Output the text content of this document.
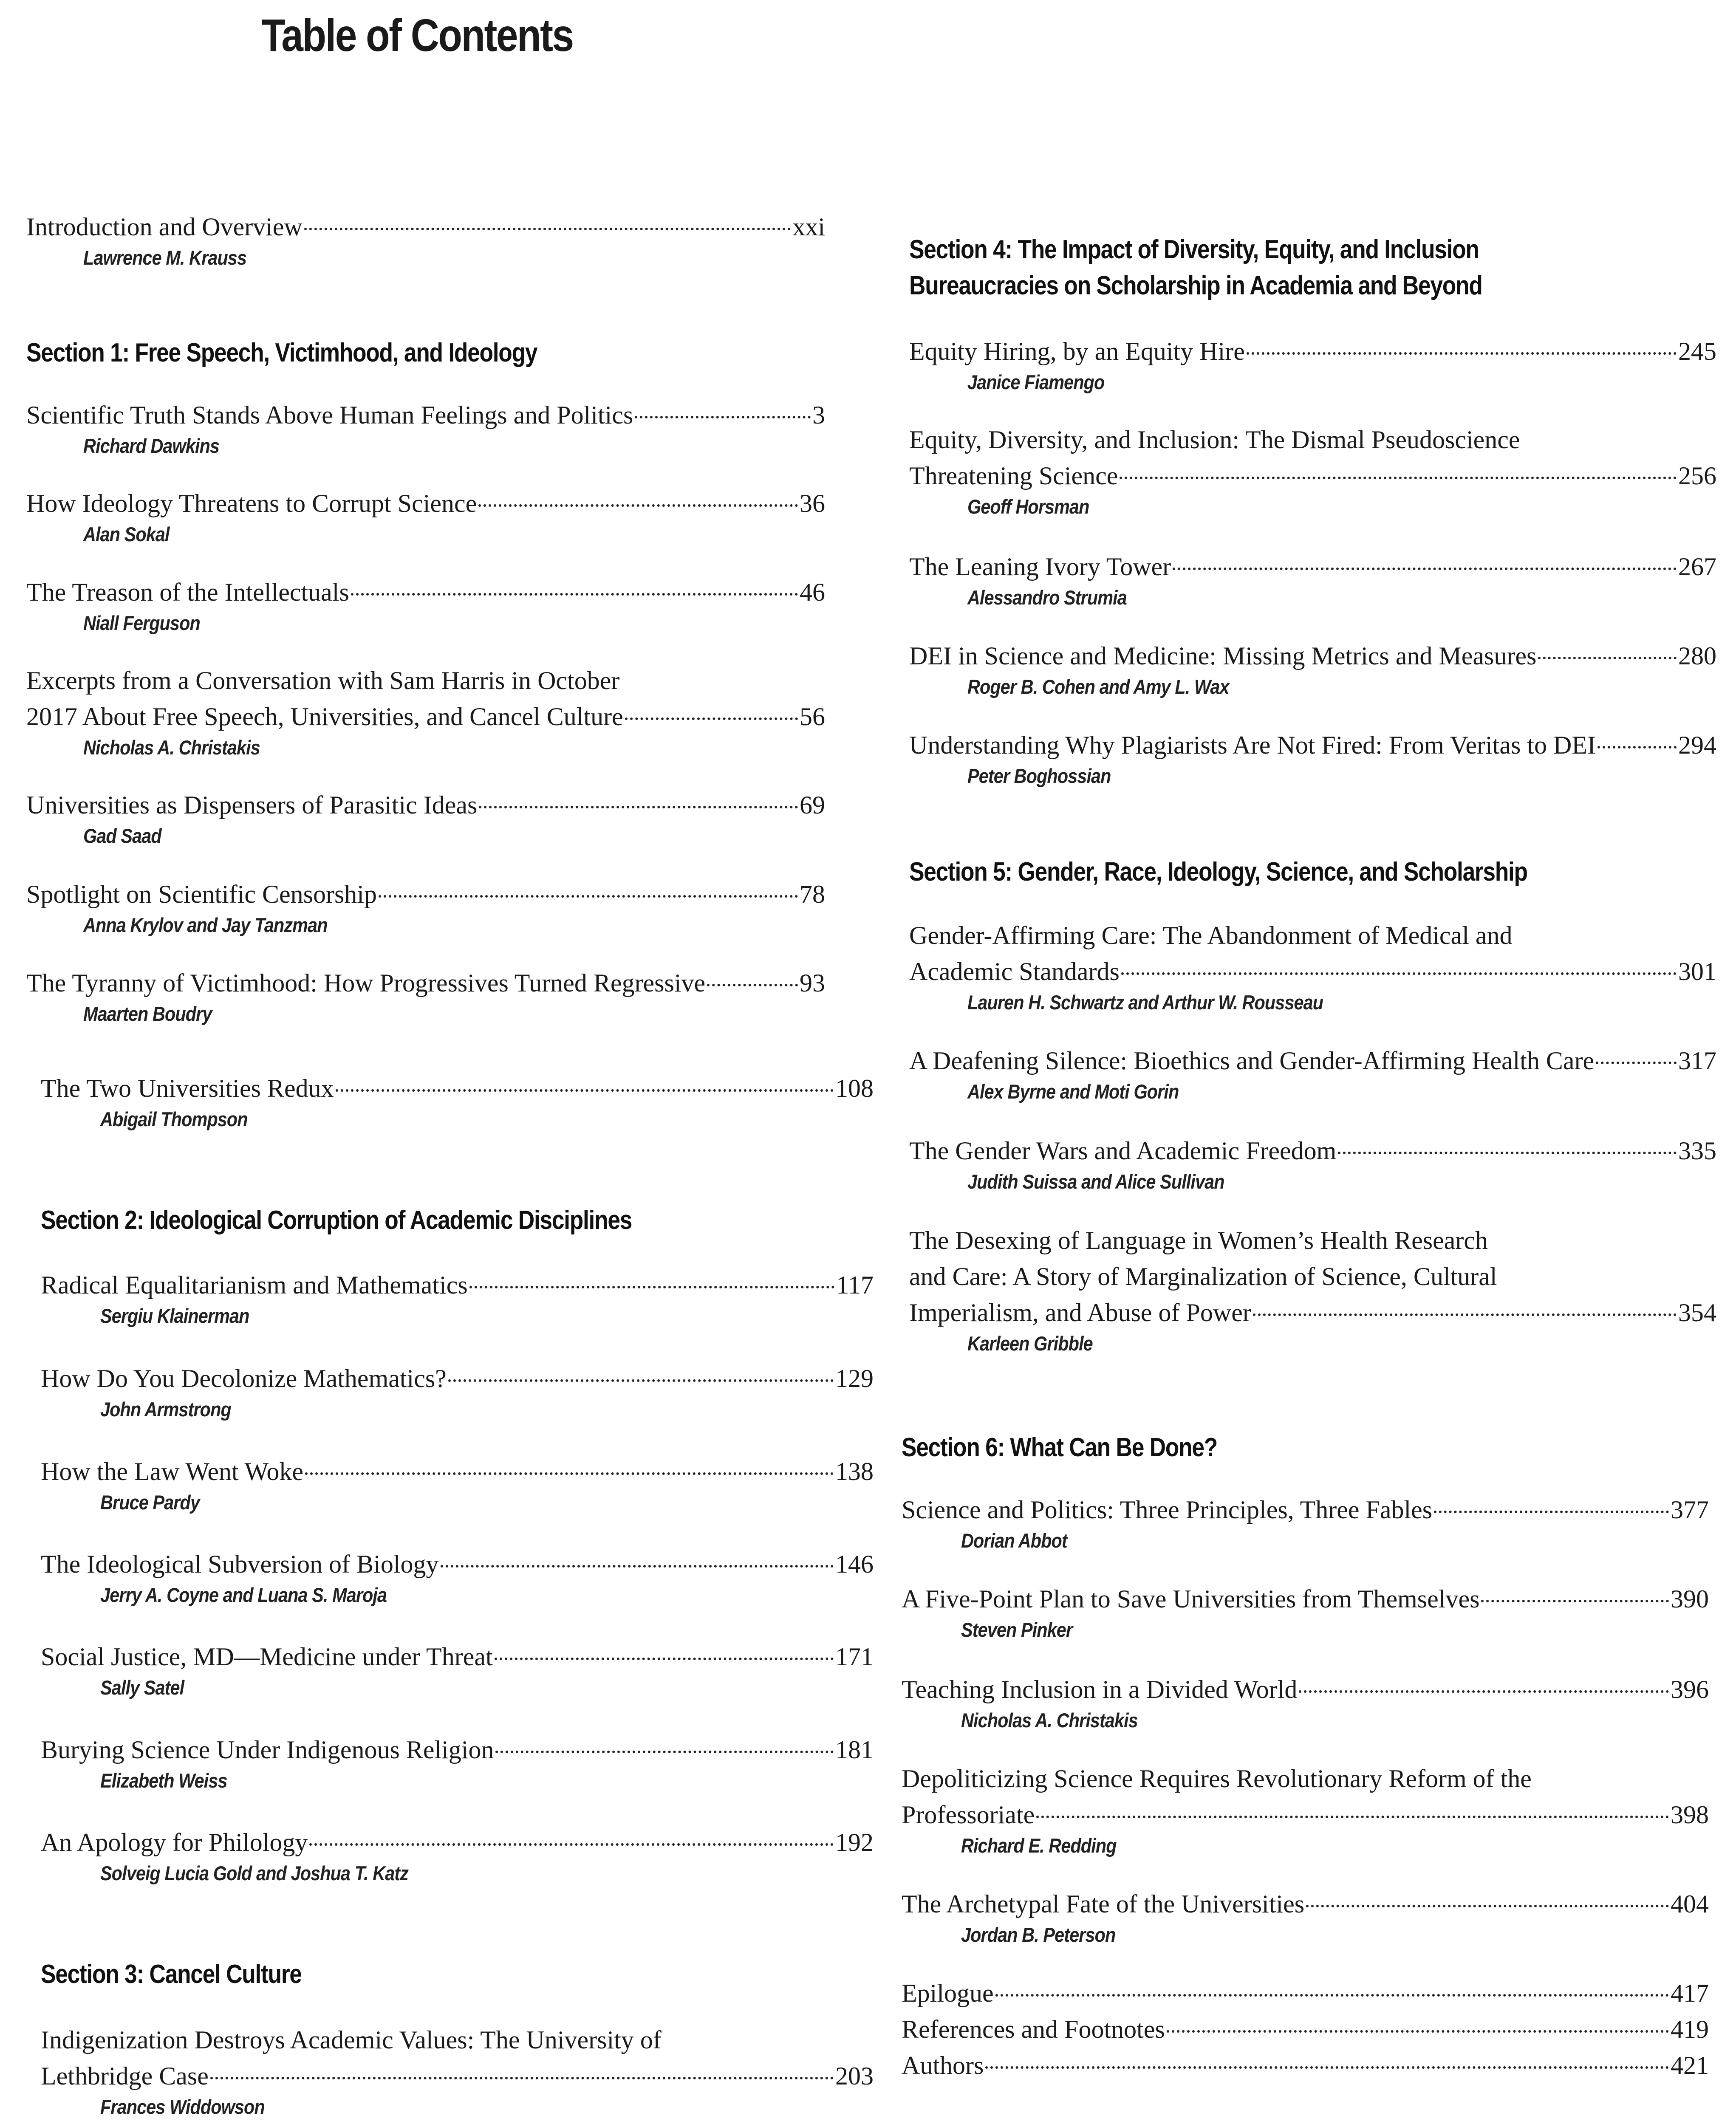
Table of Contents
Introduction and Overview	xxi
Lawrence M. Krauss
Section 1: Free Speech, Victimhood, and Ideology
Scientific Truth Stands Above Human Feelings and Politics	3
Richard Dawkins
How Ideology Threatens to Corrupt Science	36
Alan Sokal
The Treason of the Intellectuals	46
Niall Ferguson
Excerpts from a Conversation with Sam Harris in October
2017 About Free Speech, Universities, and Cancel Culture	56
Nicholas A. Christakis
Universities as Dispensers of Parasitic Ideas	69
Gad Saad
Spotlight on Scientific Censorship	78
Anna Krylov and Jay Tanzman
The Tyranny of Victimhood: How Progressives Turned Regressive	93
Maarten Boudry
The Two Universities Redux	108
Abigail Thompson
Section 2: Ideological Corruption of Academic Disciplines
Radical Equalitarianism and Mathematics	117
Sergiu Klainerman
How Do You Decolonize Mathematics?	129
John Armstrong
How the Law Went Woke	138
Bruce Pardy
The Ideological Subversion of Biology	146
Jerry A. Coyne and Luana S. Maroja
Social Justice, MD—Medicine under Threat	171
Sally Satel
Burying Science Under Indigenous Religion	181
Elizabeth Weiss
An Apology for Philology	192
Solveig Lucia Gold and Joshua T. Katz
Section 3: Cancel Culture
Indigenization Destroys Academic Values: The University of
Lethbridge Case	203
Frances Widdowson
Section 4: The Impact of Diversity, Equity, and Inclusion
Bureaucracies on Scholarship in Academia and Beyond
Equity Hiring, by an Equity Hire	245
Janice Fiamengo
Equity, Diversity, and Inclusion: The Dismal Pseudoscience
Threatening Science	256
Geoff Horsman
The Leaning Ivory Tower	267
Alessandro Strumia
DEI in Science and Medicine: Missing Metrics and Measures	280
Roger B. Cohen and Amy L. Wax
Understanding Why Plagiarists Are Not Fired: From Veritas to DEI	294
Peter Boghossian
Section 5: Gender, Race, Ideology, Science, and Scholarship
Gender-Affirming Care: The Abandonment of Medical and
Academic Standards	301
Lauren H. Schwartz and Arthur W. Rousseau
A Deafening Silence: Bioethics and Gender-Affirming Health Care	317
Alex Byrne and Moti Gorin
The Gender Wars and Academic Freedom	335
Judith Suissa and Alice Sullivan
The Desexing of Language in Women’s Health Research
and Care: A Story of Marginalization of Science, Cultural
Imperialism, and Abuse of Power	354
Karleen Gribble
Section 6: What Can Be Done?
Science and Politics: Three Principles, Three Fables	377
Dorian Abbot
A Five-Point Plan to Save Universities from Themselves	390
Steven Pinker
Teaching Inclusion in a Divided World	396
Nicholas A. Christakis
Depoliticizing Science Requires Revolutionary Reform of the
Professoriate	398
Richard E. Redding
The Archetypal Fate of the Universities	404
Jordan B. Peterson
Epilogue	417
References and Footnotes	419
Authors	421
